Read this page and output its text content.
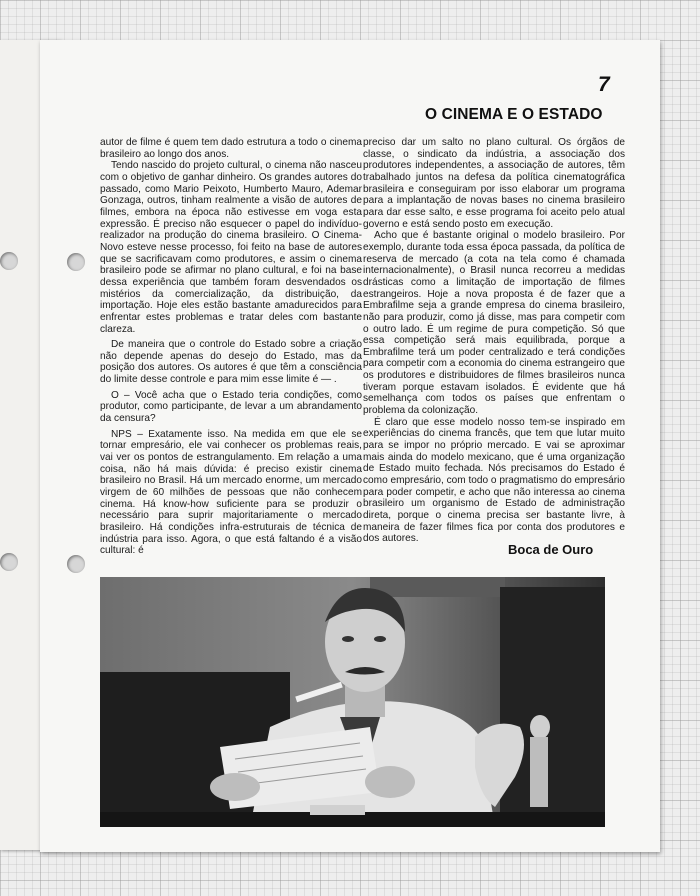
7
O CINEMA E O ESTADO

autor de filme é quem tem dado estrutura a todo o cinema brasileiro ao longo dos anos.

Tendo nascido do projeto cultural, o cinema não nasceu com o objetivo de ganhar dinheiro. Os grandes autores do passado, como Mario Peixoto, Humberto Mauro, Ademar Gonzaga, outros, tinham realmente a visão de autores de filmes, embora na época não estivesse em voga esta expressão. É preciso não esquecer o papel do indivíduo-realizador na produção do cinema brasileiro. O Cinema-Novo esteve nesse processo, foi feito na base de autores que se sacrificavam como produtores, e assim o cinema brasileiro pode se afirmar no plano cultural, e foi na base dessa experiência que também foram desvendados os mistérios da comercialização, da distribuição, da importação. Hoje eles estão bastante amadurecidos para enfrentar estes problemas e tratar deles com bastante clareza.

De maneira que o controle do Estado sobre a criação não depende apenas do desejo do Estado, mas da posição dos autores. Os autores é que têm a consciência do limite desse controle e para mim esse limite é — .

O – Você acha que o Estado teria condições, como produtor, como participante, de levar a um abrandamento da censura?

NPS – Exatamente isso. Na medida em que ele se tornar empresário, ele vai conhecer os problemas reais, vai ver os pontos de estrangulamento. Em relação a uma coisa, não há mais dúvida: é preciso existir cinema brasileiro no Brasil. Há um mercado enorme, um mercado virgem de 60 milhões de pessoas que não conhecem cinema. Há know-how suficiente para se produzir o necessário para suprir majoritariamente o mercado brasileiro. Há condições infra-estruturais de técnica de indústria para isso. Agora, o que está faltando é a visão cultural: é

preciso dar um salto no plano cultural. Os órgãos de classe, o sindicato da indústria, a associação dos produtores independentes, a associação de autores, têm trabalhado juntos na defesa da política cinematográfica brasileira e conseguiram por isso elaborar um programa para a implantação de novas bases no cinema brasileiro para dar esse salto, e esse programa foi aceito pelo atual governo e está sendo posto em execução.

Acho que é bastante original o modelo brasileiro. Por exemplo, durante toda essa época passada, da política de reserva de mercado (a cota na tela como é chamada internacionalmente), o Brasil nunca recorreu a medidas drásticas como a limitação de importação de filmes estrangeiros. Hoje a nova proposta é de fazer que a Embrafilme seja a grande empresa do cinema brasileiro, não para produzir, como já disse, mas para competir com o outro lado. É um regime de pura competição. Só que essa competição será mais equilibrada, porque a Embrafilme terá um poder centralizado e terá condições para competir com a economia do cinema estrangeiro que os produtores e distribuidores de filmes brasileiros nunca tiveram porque estavam isolados. É evidente que há semelhança com todos os países que enfrentam o problema da colonização.

É claro que esse modelo nosso tem-se inspirado em experiências do cinema francês, que tem que lutar muito para se impor no próprio mercado. E vai se aproximar mais ainda do modelo mexicano, que é uma organização de Estado muito fechada. Nós precisamos do Estado é como empresário, com todo o pragmatismo do empresário para poder competir, e acho que não interessa ao cinema brasileiro um organismo de Estado de administração direta, porque o cinema precisa ser bastante livre, à maneira de fazer filmes fica por conta dos produtores e dos autores.

Boca de Ouro
